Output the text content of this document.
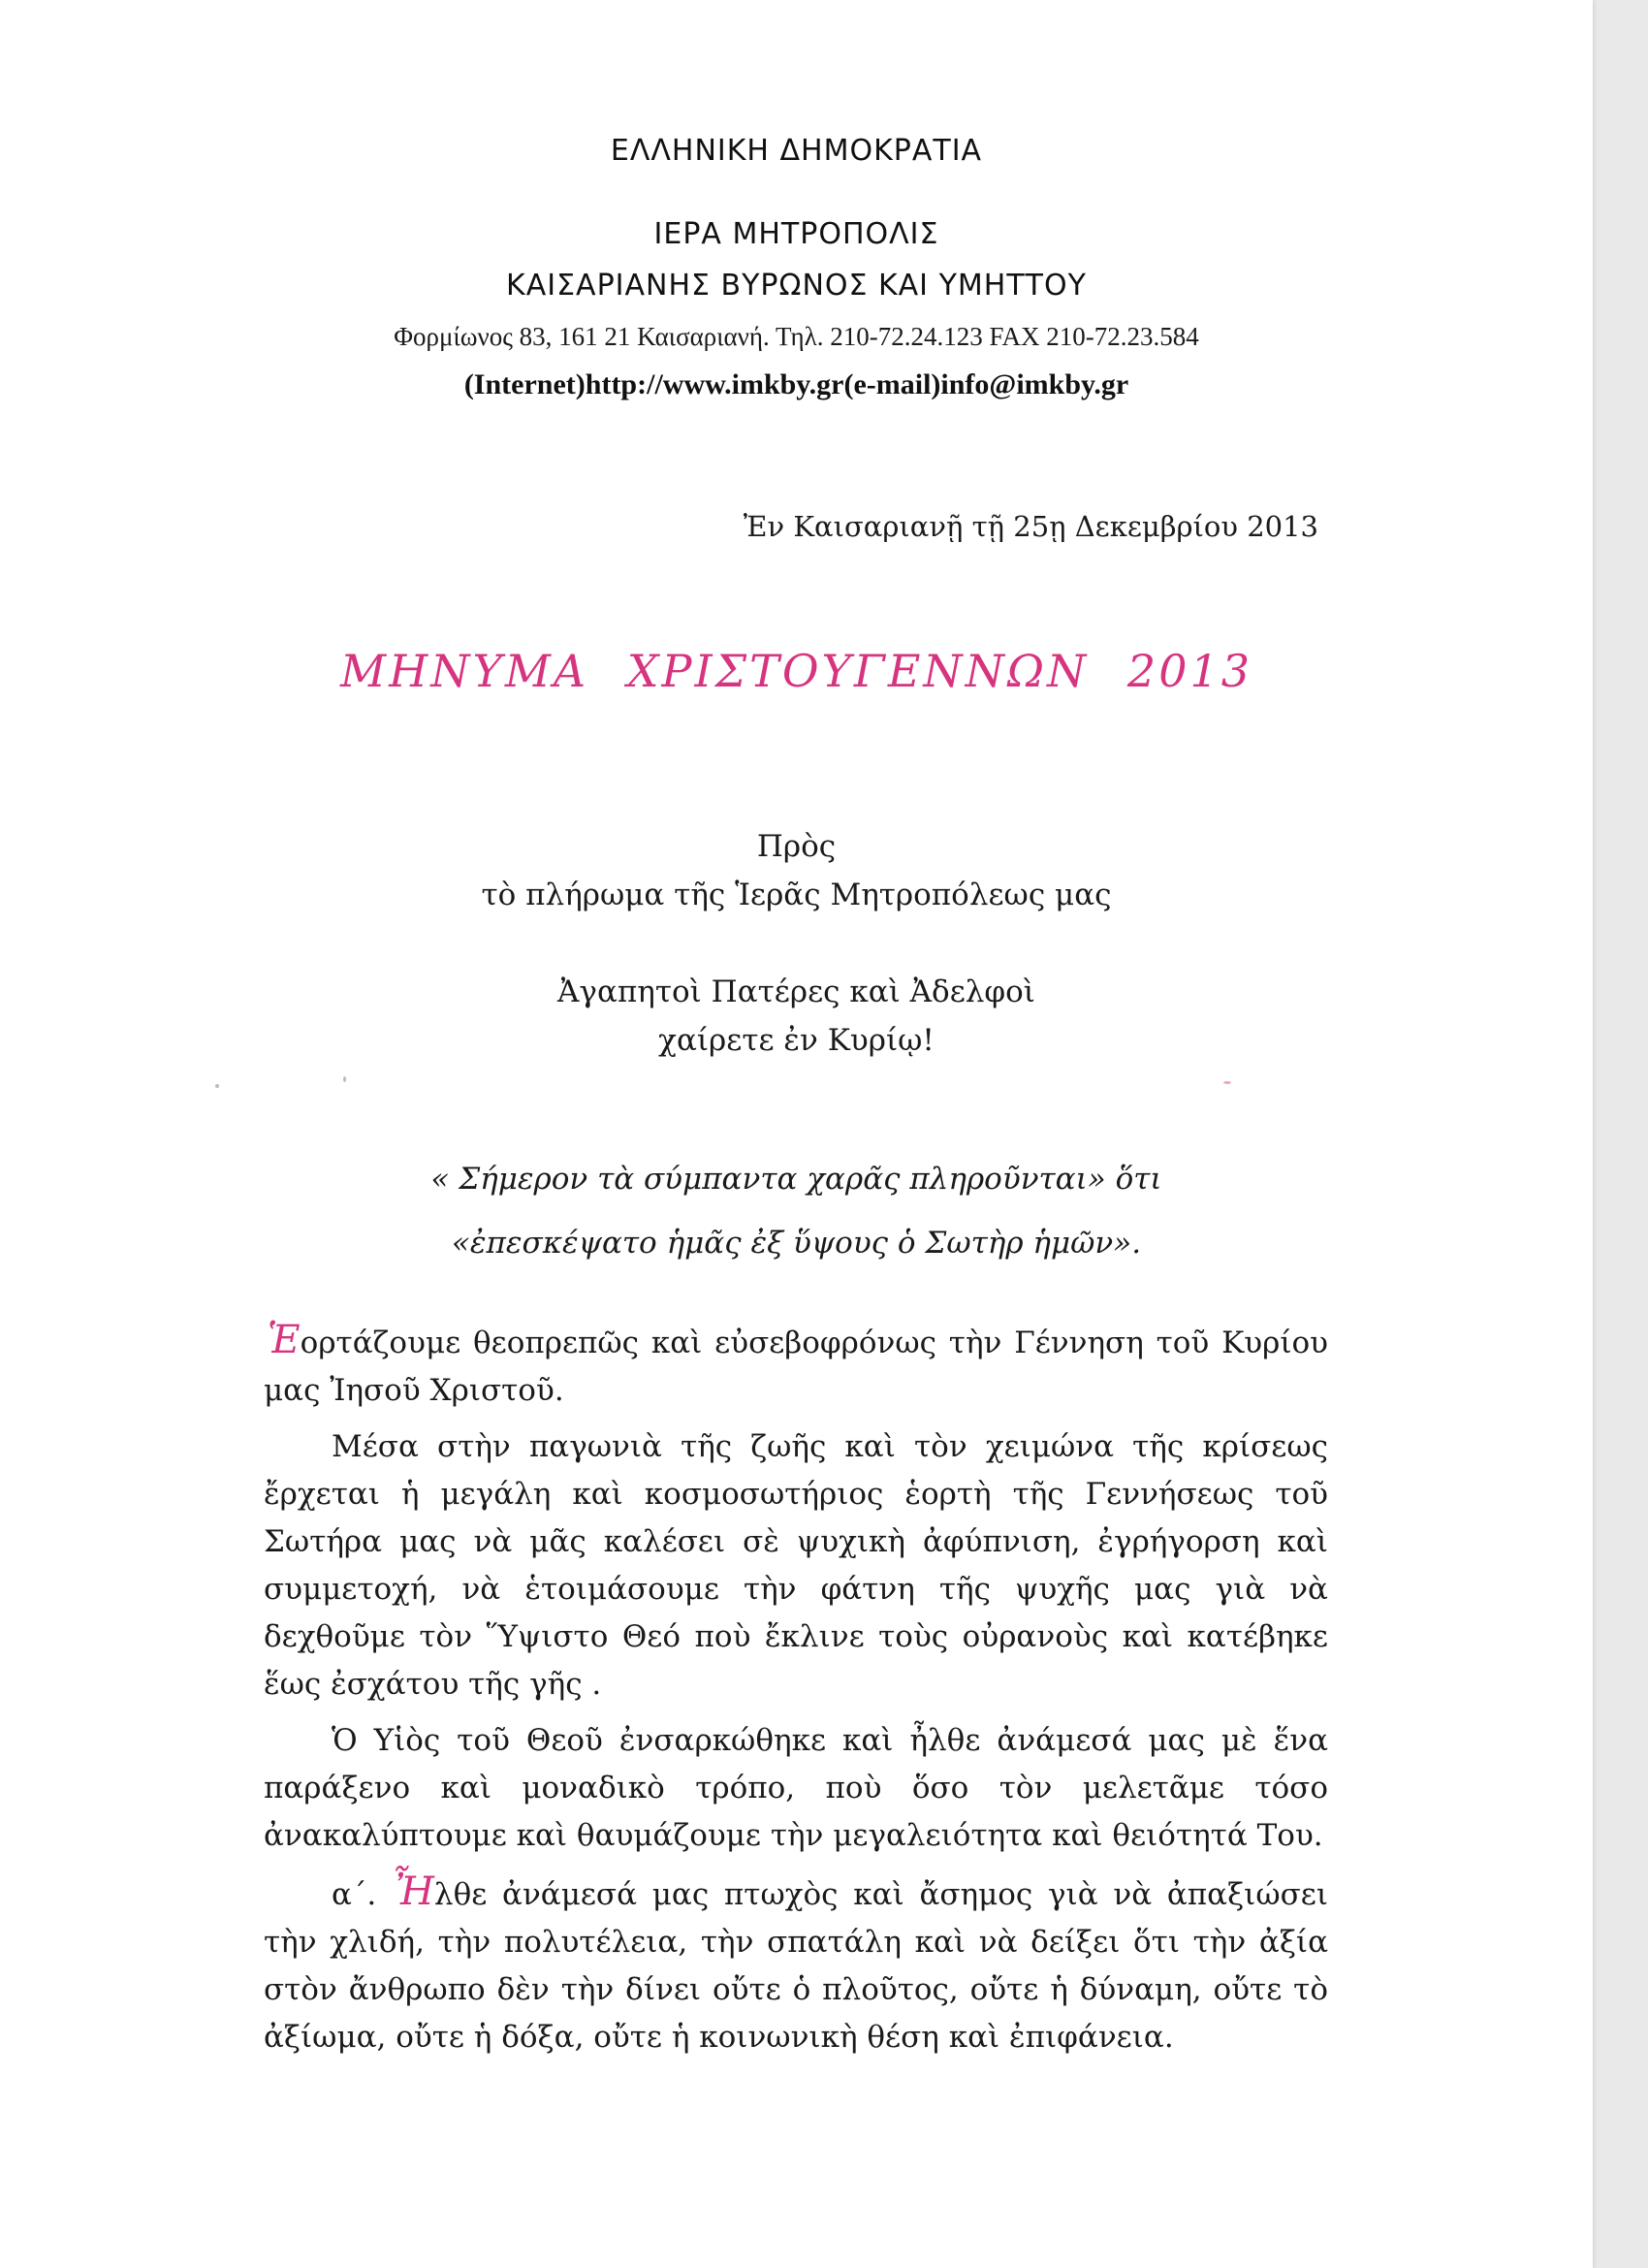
ΕΛΛΗΝΙΚΗ ΔΗΜΟΚΡΑΤΙΑ
ΙΕΡΑ ΜΗΤΡΟΠΟΛΙΣ
ΚΑΙΣΑΡΙΑΝΗΣ ΒΥΡΩΝΟΣ ΚΑΙ ΥΜΗΤΤΟΥ
Φορμίωνος 83, 161 21 Καισαριανή. Τηλ. 210-72.24.123 FAX 210-72.23.584
(Internet)http://www.imkby.gr(e-mail)info@imkby.gr
Ἐν Καισαριανῇ τῇ 25ῃ Δεκεμβρίου 2013
ΜΗΝΥΜΑ ΧΡΙΣΤΟΥΓΕΝΝΩΝ 2013
Πρὸς
τὸ πλήρωμα τῆς Ἱερᾶς Μητροπόλεως μας
Ἀγαπητοὶ Πατέρες καὶ Ἀδελφοὶ
χαίρετε ἐν Κυρίῳ!
« Σήμερον τὰ σύμπαντα χαρᾶς πληροῦνται» ὅτι
«ἐπεσκέψατο ἡμᾶς ἐξ ὕψους ὁ Σωτὴρ ἡμῶν».

Ἑορτάζουμε θεοπρεπῶς καὶ εὐσεβοφρόνως τὴν Γέννηση τοῦ Κυρίου μας Ἰησοῦ Χριστοῦ.

Μέσα στὴν παγωνιὰ τῆς ζωῆς καὶ τὸν χειμώνα τῆς κρίσεως ἔρχεται ἡ μεγάλη καὶ κοσμοσωτήριος ἑορτὴ τῆς Γεννήσεως τοῦ Σωτήρα μας νὰ μᾶς καλέσει σὲ ψυχικὴ ἀφύπνιση, ἐγρήγορση καὶ συμμετοχή, νὰ ἑτοιμάσουμε τὴν φάτνη τῆς ψυχῆς μας γιὰ νὰ δεχθοῦμε τὸν Ὕψιστο Θεό ποὺ ἔκλινε τοὺς οὐρανοὺς καὶ κατέβηκε ἕως ἐσχάτου τῆς γῆς .

Ὁ Υἱὸς τοῦ Θεοῦ ἐνσαρκώθηκε καὶ ἦλθε ἀνάμεσά μας μὲ ἕνα παράξενο καὶ μοναδικὸ τρόπο, ποὺ ὅσο τὸν μελετᾶμε τόσο ἀνακαλύπτουμε καὶ θαυμάζουμε τὴν μεγαλειότητα καὶ θειότητά Του.

α΄. Ἦλθε ἀνάμεσά μας πτωχὸς καὶ ἄσημος γιὰ νὰ ἀπαξιώσει τὴν χλιδή, τὴν πολυτέλεια, τὴν σπατάλη καὶ νὰ δείξει ὅτι τὴν ἀξία στὸν ἄνθρωπο δὲν τὴν δίνει οὔτε ὁ πλοῦτος, οὔτε ἡ δύναμη, οὔτε τὸ ἀξίωμα, οὔτε ἡ δόξα, οὔτε ἡ κοινωνικὴ θέση καὶ ἐπιφάνεια.
